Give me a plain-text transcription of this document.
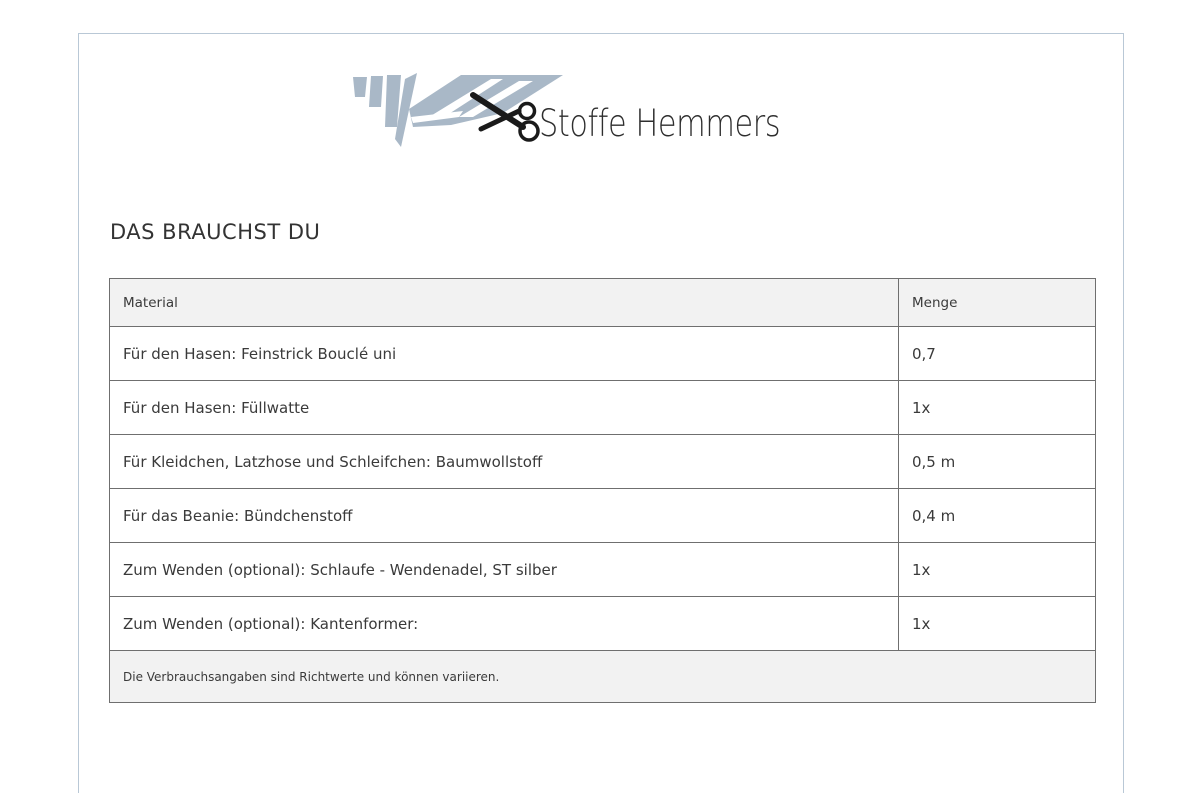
Stoffe Hemmers
DAS BRAUCHST DU
Material	Menge
Für den Hasen: Feinstrick Bouclé uni	0,7
Für den Hasen: Füllwatte	1x
Für Kleidchen, Latzhose und Schleifchen: Baumwollstoff	0,5 m
Für das Beanie: Bündchenstoff	0,4 m
Zum Wenden (optional): Schlaufe - Wendenadel, ST silber	1x
Zum Wenden (optional): Kantenformer:	1x
Die Verbrauchsangaben sind Richtwerte und können variieren.	
